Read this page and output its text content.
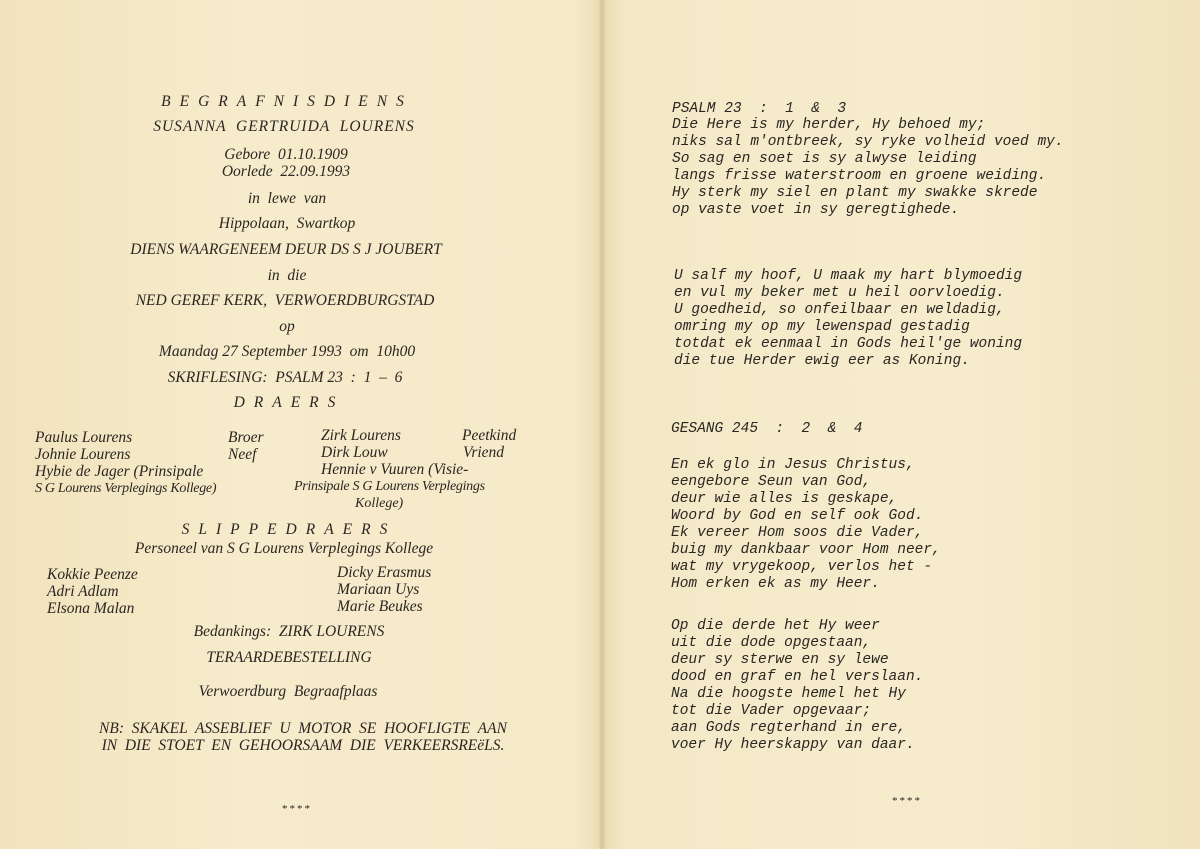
BEGRAFNISDIENS
SUSANNA  GERTRUIDA  LOURENS
Gebore  01.10.1909
Oorlede  22.09.1993
in  lewe  van
Hippolaan,  Swartkop
DIENS WAARGENEEM DEUR DS S J JOUBERT
in  die
NED GEREF KERK,  VERWOERDBURGSTAD
op
Maandag 27 September 1993  om  10h00
SKRIFLESING:  PSALM 23  :  1  –  6
DRAERS
Paulus Lourens	Broer
Johnie Lourens	Neef
Hybie de Jager (Prinsipale
S G Lourens Verplegings Kollege)
Zirk Lourens	Peetkind
Dirk Louw	Vriend
Hennie v Vuuren (Visie-
Prinsipale S G Lourens Verplegings
Kollege)
SLIPPEDRAERS
Personeel van S G Lourens Verplegings Kollege
Kokkie Peenze
Adri Adlam
Elsona Malan
Dicky Erasmus
Mariaan Uys
Marie Beukes
Bedankings:  ZIRK LOURENS
TERAARDEBESTELLING
Verwoerdburg  Begraafplaas
NB:  SKAKEL  ASSEBLIEF  U  MOTOR  SE  HOOFLIGTE  AAN
IN  DIE  STOET  EN  GEHOORSAAM  DIE  VERKEERSREëLS.
****
PSALM 23  :  1  &  3
Die Here is my herder, Hy behoed my;
niks sal m'ontbreek, sy ryke volheid voed my.
So sag en soet is sy alwyse leiding
langs frisse waterstroom en groene weiding.
Hy sterk my siel en plant my swakke skrede
op vaste voet in sy geregtighede.
U salf my hoof, U maak my hart blymoedig
en vul my beker met u heil oorvloedig.
U goedheid, so onfeilbaar en weldadig,
omring my op my lewenspad gestadig
totdat ek eenmaal in Gods heil'ge woning
die tue Herder ewig eer as Koning.
GESANG 245  :  2  &  4
En ek glo in Jesus Christus,
eengebore Seun van God,
deur wie alles is geskape,
Woord by God en self ook God.
Ek vereer Hom soos die Vader,
buig my dankbaar voor Hom neer,
wat my vrygekoop, verlos het -
Hom erken ek as my Heer.
Op die derde het Hy weer
uit die dode opgestaan,
deur sy sterwe en sy lewe
dood en graf en hel verslaan.
Na die hoogste hemel het Hy
tot die Vader opgevaar;
aan Gods regterhand in ere,
voer Hy heerskappy van daar.
****
